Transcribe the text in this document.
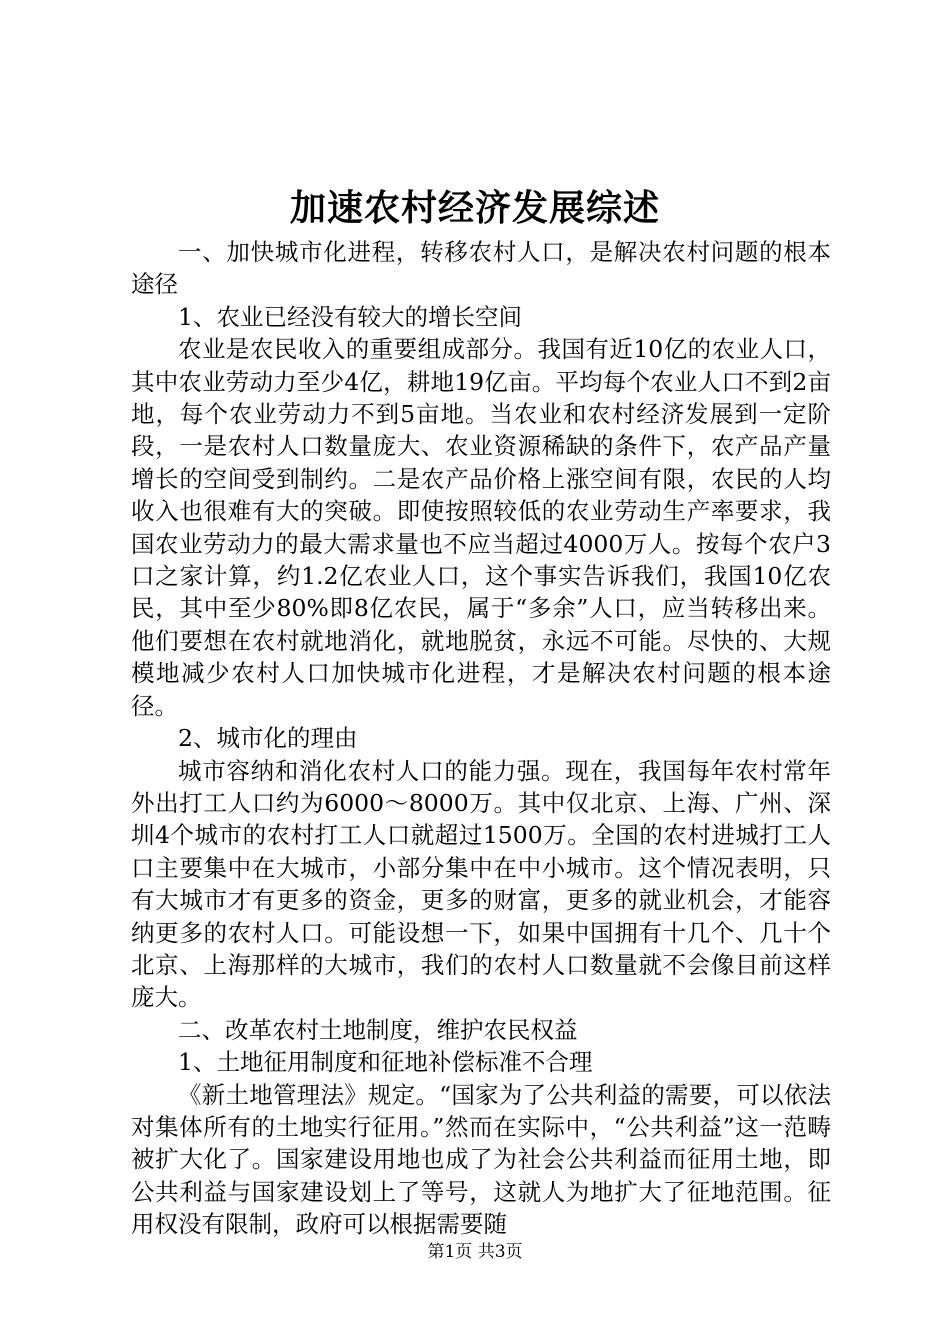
加速农村经济发展综述

一、加快城市化进程，转移农村人口，是解决农村问题的根本途径

1、农业已经没有较大的增长空间

农业是农民收入的重要组成部分。我国有近10亿的农业人口，其中农业劳动力至少4亿，耕地19亿亩。平均每个农业人口不到2亩地，每个农业劳动力不到5亩地。当农业和农村经济发展到一定阶段，一是农村人口数量庞大、农业资源稀缺的条件下，农产品产量增长的空间受到制约。二是农产品价格上涨空间有限，农民的人均收入也很难有大的突破。即使按照较低的农业劳动生产率要求，我国农业劳动力的最大需求量也不应当超过4000万人。按每个农户3口之家计算，约1.2亿农业人口，这个事实告诉我们，我国10亿农民，其中至少80%即8亿农民，属于“多余”人口，应当转移出来。他们要想在农村就地消化，就地脱贫，永远不可能。尽快的、大规模地减少农村人口加快城市化进程，才是解决农村问题的根本途径。

2、城市化的理由

城市容纳和消化农村人口的能力强。现在，我国每年农村常年外出打工人口约为6000～8000万。其中仅北京、上海、广州、深圳4个城市的农村打工人口就超过1500万。全国的农村进城打工人口主要集中在大城市，小部分集中在中小城市。这个情况表明，只有大城市才有更多的资金，更多的财富，更多的就业机会，才能容纳更多的农村人口。可能设想一下，如果中国拥有十几个、几十个北京、上海那样的大城市，我们的农村人口数量就不会像目前这样庞大。

二、改革农村土地制度，维护农民权益

1、土地征用制度和征地补偿标准不合理

《新土地管理法》规定。“国家为了公共利益的需要，可以依法对集体所有的土地实行征用。”然而在实际中，“公共利益”这一范畴被扩大化了。国家建设用地也成了为社会公共利益而征用土地，即公共利益与国家建设划上了等号，这就人为地扩大了征地范围。征用权没有限制，政府可以根据需要随

第1页 共3页
